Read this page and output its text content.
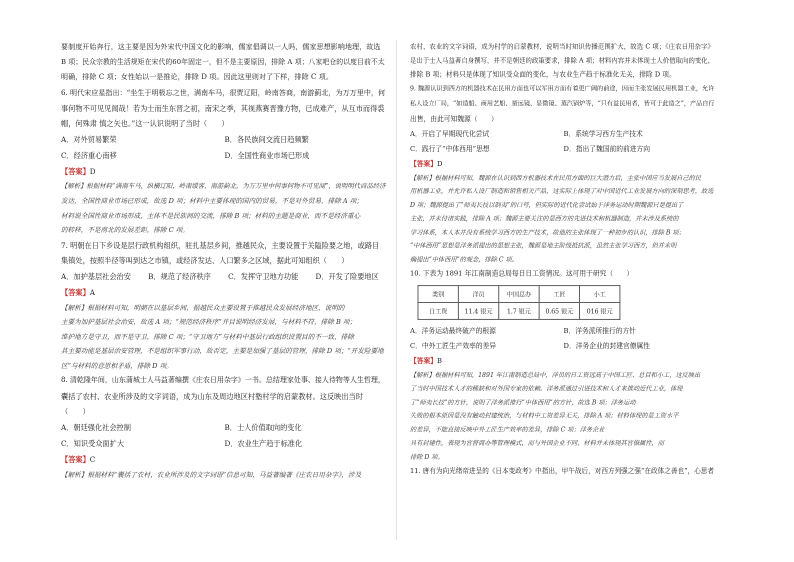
要制度开始奔行，这主要是因为外宋代中国文化的影响，儒家倡调以一人吗，儒家思想影响地理，故选

B 项；民众宗教的生活规矩在宋代的60年固定一，但不是主要原因，排除 A 项；八家吧仓的以度目前不太

明确，排除 C 项；女性始以一是推论，排除 D 项。因此这里则对了下样，排除 C 项。

6. 明代宋应星指出：“坐生于明极忘之世，满南车马，很贾辽阳，岭南答商，南游蓟北，为万万里中，何

事何物不可见见闻哉！若为士而生东晋之初，南宋之季，其视燕赛晋豫方物，已成难产，从互市而得裘

帽，何殊肃 慎之矢也。”这一认识说明了当时（　　）

A．对外贸易繁荣	B．各民族间交流日趋频繁
C．经济重心南移	D．全国性商业市场已形成

【答案】D

【解析】根据材料“满南车马，纵横辽阳，岭南缓客，南游蓟北，为万万里中何事何物不可见闻”，说明明代商品经济

发达，全国性商业市场已形成，故选 D 项；材料中主要体现的国内的贸易，不是对外贸易，排除 A 项；

材料说全国性商业市场形成，主体不是民族间的交流，排除 B 项；材料的主题是商业，而不是经济重心

的转移，不是南北的发展差距，排除 C 项。

7. 明朝在日下乡设是层行政机构组织，驻扎基层乡间，推越民众，主要设置于关隘险要之地，或路目

集镇处，按照半径等叫到达之市镇，或经济发达、人口繁多之区域，据此可知组织（　　）

A．加护基层社会治安	B．规范了经济秩序	C．发挥守卫地方功能	D．开发了险要地区

【答案】A

【解析】根据材料可知，明朝在以基层乡间，据越民众主要设置于推越民众发展经济地区，说明的

主要为加护基层社会治安，故选 A 项；“规范经济秩序”并目说明经济发展，与材料不符，排除 B 项；

维护地方是守卫，而不是守卫，排除 C 项；“守卫地方”与材料中基层行政组织设置目的不一致，排除

其主要功能是基层治安管理，不是组织军事行动，故否定，主要是加强了基层的管理，排除 D 项；“开发险要地

区”与材料的意思相矛盾，排除 D 项。

8. 清乾隆年间，山东蒲城士人马益著编撰《庄农日用杂字》一书。总结理家处事、接人待物等人生哲理，

囊括了农村、农业所涉及的文字词语，成为山东及周边地区村塾村学的启蒙教材。这反映出当时

（　　）

A．朝廷强化社会控制	B．士人价值取向的变化
C．知识受众面扩大	D．农业生产趋于标准化

【答案】C

【解析】根据材料“囊括了农村、农业所涉及的文字词语”信息可知，马益著编著《庄农日用杂字》，涉及

农村、农业的文字词语，成为村学的启蒙教材，说明当时知识传播范围扩大，故选 C 项；《庄农日用杂字》

是出于士人马益著自身撰写，并不是朝廷的政策要求，排除 A 项；材料内容并未体现士人价值取向的变化，

排除 B 项；材料只是体现了知识受众面的变化，与农业生产趋于标准化无关，排除 D 项。

9. 魏源认识到西方的机器技术在民用方面也可以军用方面有着更广阔的前途，因而主张发展民用机器工业，允许

私人设立厂局，“如造船、商用艺船、量远镜、显微镜、蒸汽锅炉等，“只有益民用者，皆可于此造之”，产品自行

出售，由此可知魏源（　　）

A．开启了早期现代化尝试	B．系统学习西方生产技术
C．践行了“中体西用”思想	D．指出了魏国前的前进方向

【答案】D

【解析】根据材料可知，魏源在认识到西方机器技术在民用方面的巨大潜力后，主张中国应当发展自己的民

用机器工业，并允许私人设厂制造和销售相关产品，这实际上体现了对中国近代工业发展方向的深刻思考，故选

D 项；魏源提出了“师夷长技以制夷”的口号，但实际的近代化尝试始于洋务运动时期魏源只是提出了

主张，并未付诸实践，排除 A 项；魏源主要关注的是西方的先进技术和机器制造，并未涉及系统的

学习体系，本人本并没有系统学习西方的生产技术，故他的主张体现了一种初步的认识，排除 B 项；

“中体西用”思想是洋务派提出的思想主张，魏源是地主阶级抵抗派，虽然主张学习西方，但并未明

确提出“中体西用”的观念，排除 C 项。

10. 下表为 1891 年江南制造总局每日日工资情况。这可用于研究（　　）

类别	洋员	中国总办	工匠	小工
日工资	11.4 银元	1.7 银元	0.65 银元	016 银元
A．洋务运动最终破产的根源	B．洋务派所推行的方针
C．中外工匠生产效率的差异	D．洋务企业的封建官僚属性

【答案】B

【解析】根据材料可知，1891 年江南制造总局中，洋员的日工资远高于中国工匠、总目和小工，这反映出

了当时中国技术人才的稀缺和对外国专家的依赖。洋务派通过引进技术和人才来推动近代工业，体现

了“师夷长技”的方针，说明了洋务派推行“中体西用”的方针，故选 B 项；洋务运动

失败的根本原因是没有触动封建统治，与材料中工资差异无关，排除 A 项；材料体现的是工资水平

的差异，不能直接反映中外工匠生产效率的差异，排除 C 项；洋务企业

具有封建性，表现为官督商办等管理模式，而与外国企业不同，材料并未体现其官僚属性，而

排除 D 项。

11. 唐有为向光绪帝进呈的《日本变政考》中指出，甲午战后，对西方列强之强“在政体之善也”，心思者
